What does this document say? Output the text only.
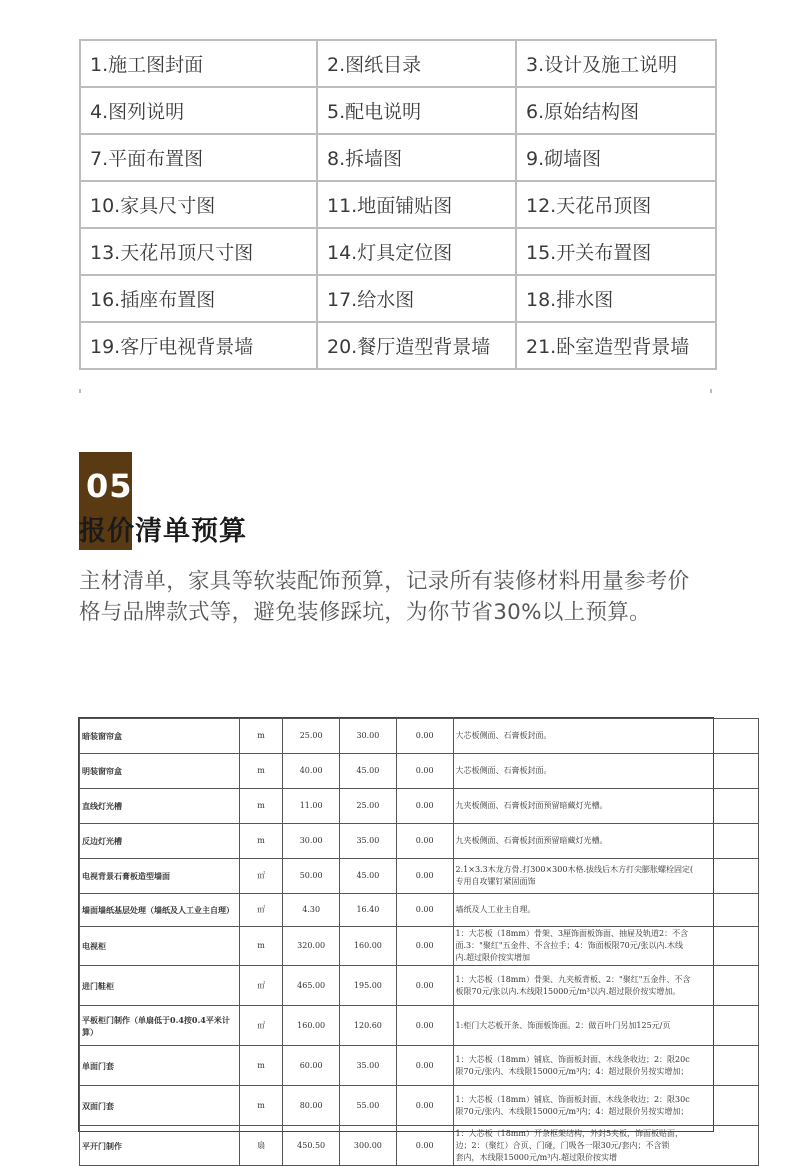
1.施工图封面	2.图纸目录	3.设计及施工说明
4.图列说明	5.配电说明	6.原始结构图
7.平面布置图	8.拆墙图	9.砌墙图
10.家具尺寸图	11.地面铺贴图	12.天花吊顶图
13.天花吊顶尺寸图	14.灯具定位图	15.开关布置图
16.插座布置图	17.给水图	18.排水图
19.客厅电视背景墙	20.餐厅造型背景墙	21.卧室造型背景墙
05
报价清单预算
主材清单，家具等软装配饰预算，记录所有装修材料用量参考价格与品牌款式等，避免装修踩坑，为你节省30%以上预算。
暗装窗帘盒	m	25.00	30.00	0.00	大芯板侧面、石膏板封面。

明装窗帘盒	m	40.00	45.00	0.00	大芯板侧面、石膏板封面。

直线灯光槽	m	11.00	25.00	0.00	九夹板侧面、石膏板封面预留暗藏灯光槽。

反边灯光槽	m	30.00	35.00	0.00	九夹板侧面、石膏板封面预留暗藏灯光槽。

电视背景石膏板造型墙面	㎡	50.00	45.00	0.00	2.1×3.3木龙方骨.打300×300木格.拔线后木方打尖膨胀螺栓固定(
专用自攻镙钉紧固面饰

墙面墙纸基层处理（墙纸及人工业主自理）	㎡	4.30	16.40	0.00	墙纸及人工业主自理。

电视柜	m	320.00	160.00	0.00	1：大芯板（18mm）骨架、3厘饰面板饰面、抽屉及轨道2：不含
面.3："聚红"五金件、不含拉手；4：饰面板限70元/张以内.木线
内.超过限价按实增加

进门鞋柜	㎡	465.00	195.00	0.00	1：大芯板（18mm）骨架、九夹板背板、2："聚红"五金件、不含
板限70元/张以内.木线限15000元/m³以内.超过限价按实增加。

平板柜门制作（单扇低于0.4按0.4平米计算）	㎡	160.00	120.60	0.00	1:柜门大芯板开条、饰面板饰面。2：做百叶门另加125元/页

单面门套	m	60.00	35.00	0.00	1：大芯板（18mm）铺底、饰面板封面、木线条收边；2：限20c
限70元/张内、木线限15000元/m³内；4：超过限价另按实增加；

双面门套	m	80.00	55.00	0.00	1：大芯板（18mm）铺底、饰面板封面、木线条收边；2：限30c
限70元/张内、木线限15000元/m³内；4：超过限价另按实增加；

平开门制作	扇	450.50	300.00	0.00	1：大芯板（18mm）开条框架结构，外封5夹板，饰面板贴面，
边；2：（聚红）合页、门碰，门吸各一限30元/套内；不含锁
套内，木线限15000元/m³内.超过限价按实增
